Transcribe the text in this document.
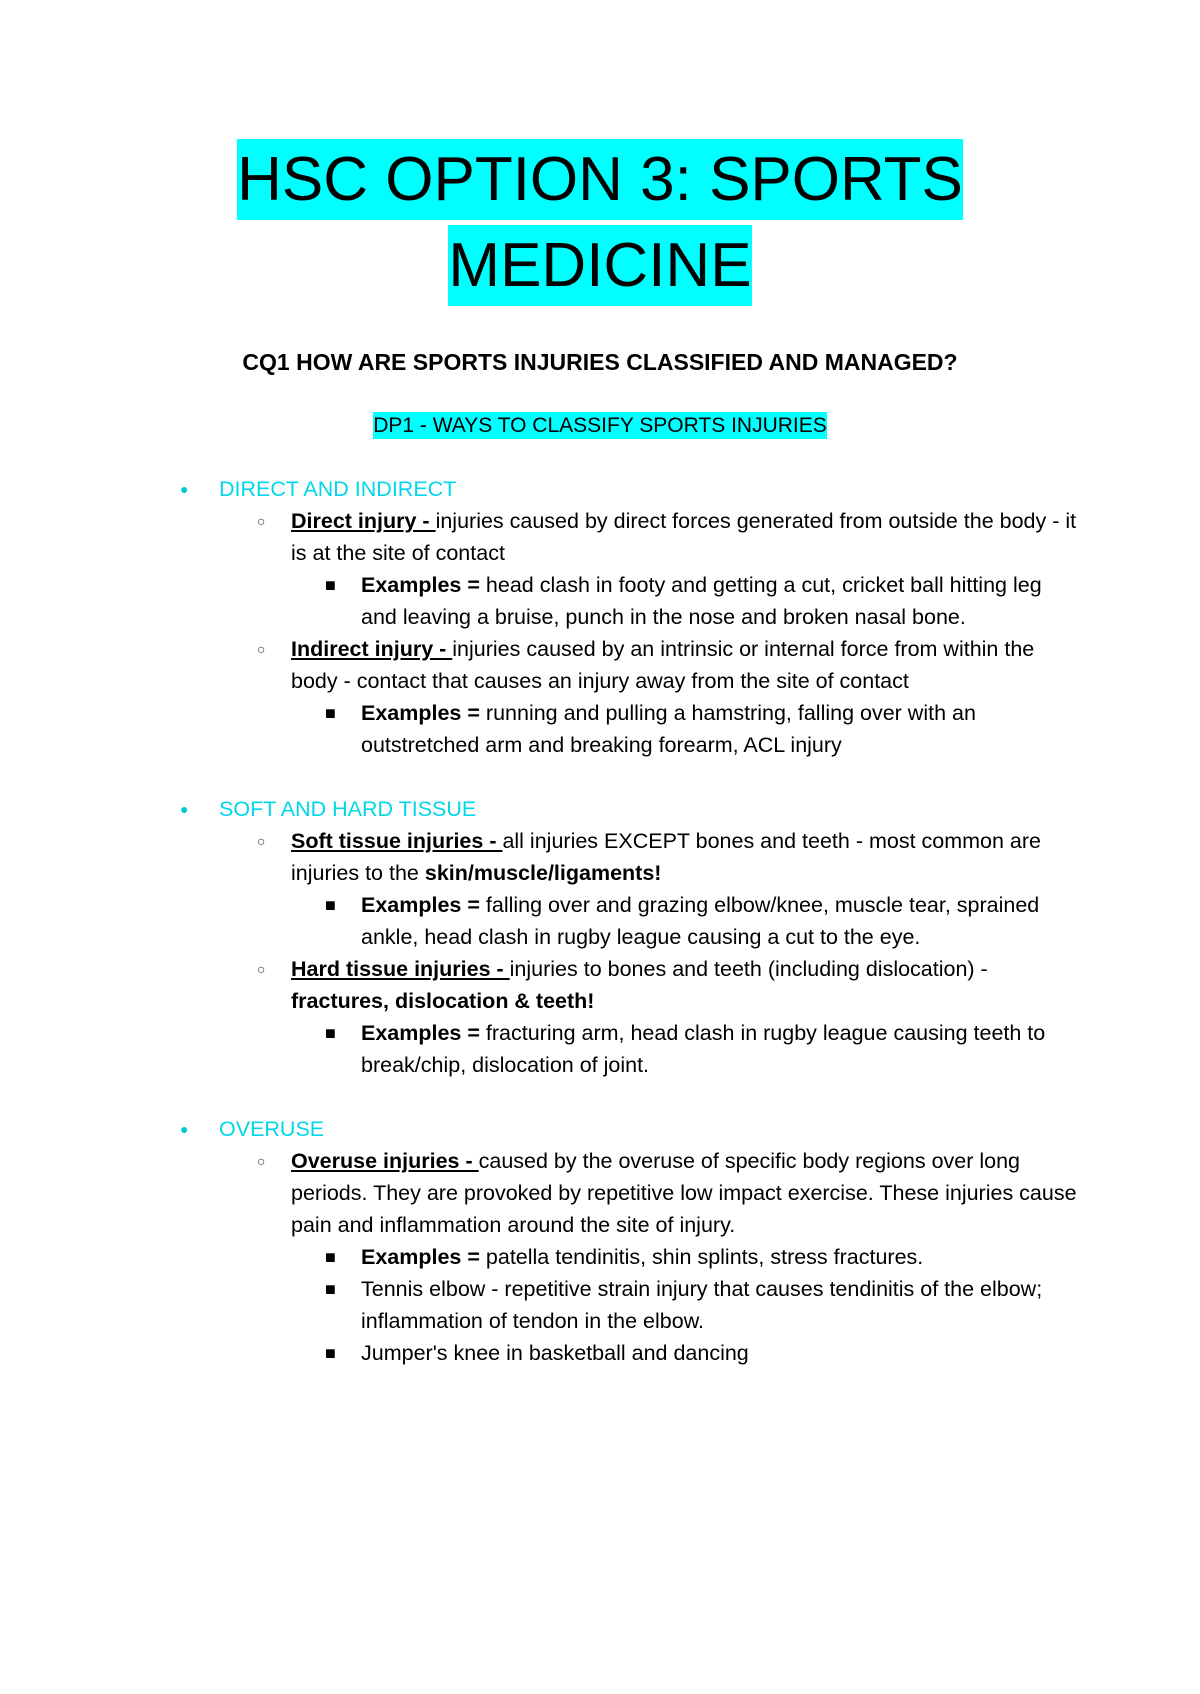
HSC OPTION 3: SPORTS
MEDICINE
CQ1 HOW ARE SPORTS INJURIES CLASSIFIED AND MANAGED?
DP1 - WAYS TO CLASSIFY SPORTS INJURIES
●	DIRECT AND INDIRECT
○	Direct injury - injuries caused by direct forces generated from outside the body - it is at the site of contact
■	Examples = head clash in footy and getting a cut, cricket ball hitting leg and leaving a bruise, punch in the nose and broken nasal bone.
○	Indirect injury - injuries caused by an intrinsic or internal force from within the body - contact that causes an injury away from the site of contact
■	Examples = running and pulling a hamstring, falling over with an outstretched arm and breaking forearm, ACL injury
●	SOFT AND HARD TISSUE
○	Soft tissue injuries - all injuries EXCEPT bones and teeth - most common are injuries to the skin/muscle/ligaments!
■	Examples = falling over and grazing elbow/knee, muscle tear, sprained ankle, head clash in rugby league causing a cut to the eye.
○	Hard tissue injuries - injuries to bones and teeth (including dislocation) - fractures, dislocation & teeth!
■	Examples = fracturing arm, head clash in rugby league causing teeth to break/chip, dislocation of joint.
●	OVERUSE
○	Overuse injuries - caused by the overuse of specific body regions over long periods. They are provoked by repetitive low impact exercise. These injuries cause pain and inflammation around the site of injury.
■	Examples = patella tendinitis, shin splints, stress fractures.
■	Tennis elbow - repetitive strain injury that causes tendinitis of the elbow; inflammation of tendon in the elbow.
■	Jumper's knee in basketball and dancing
